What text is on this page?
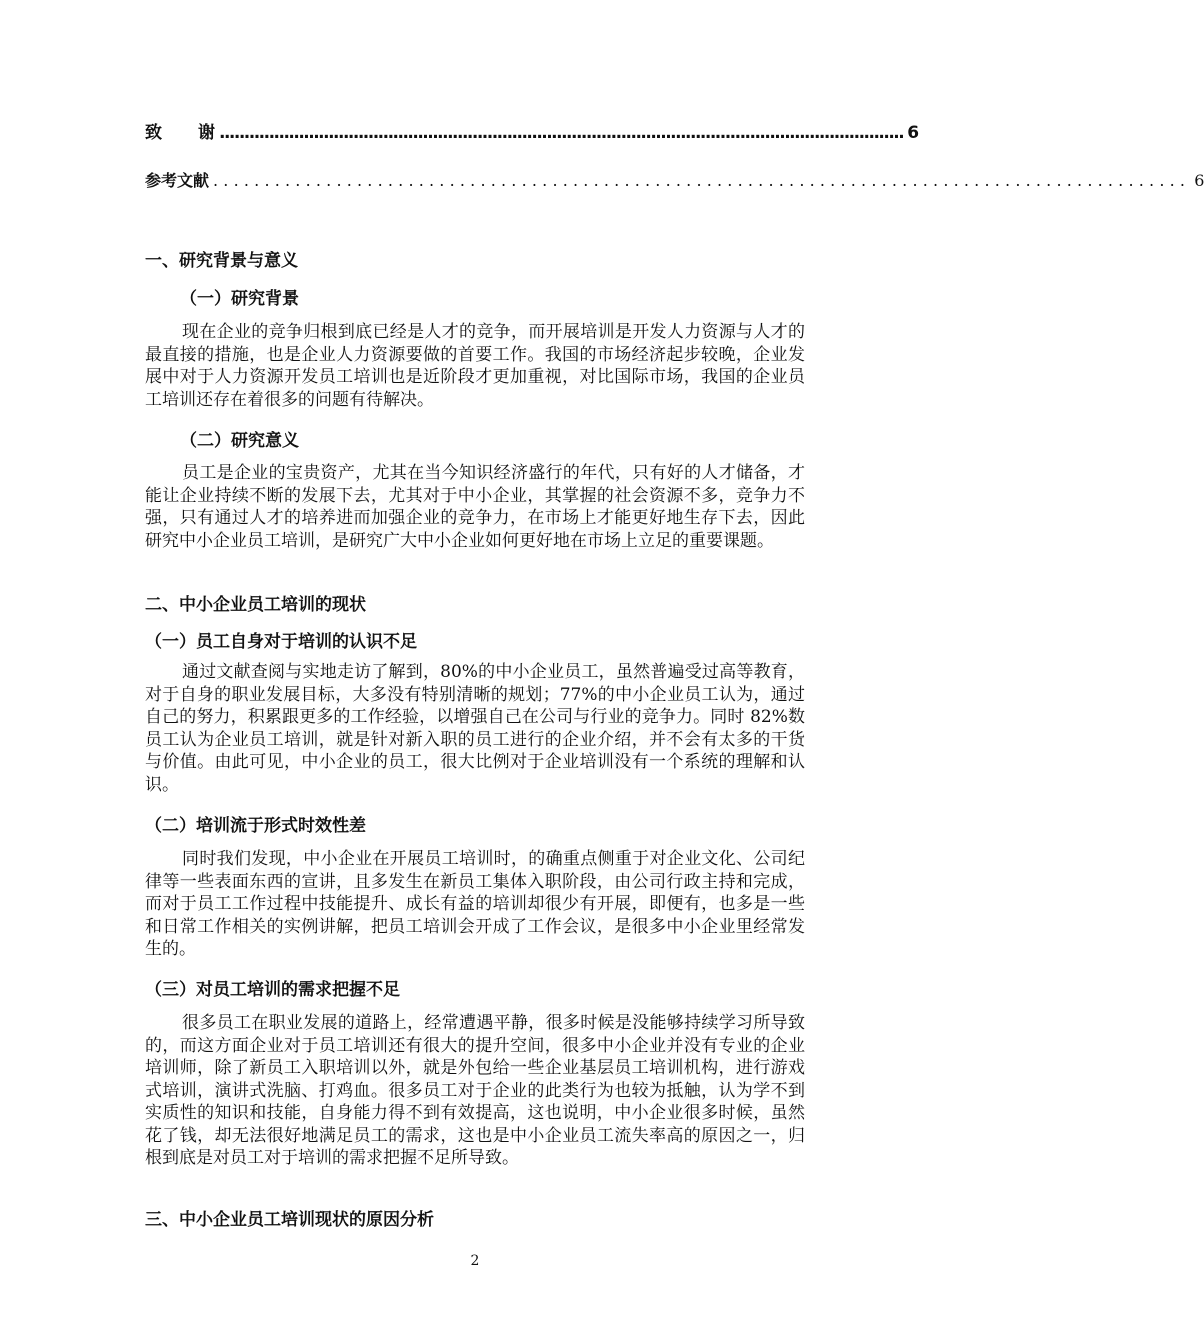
致 谢 .......................................................................................................................................... 6
参考文献 ............................................................................................... 6
一、研究背景与意义
（一）研究背景

现在企业的竞争归根到底已经是人才的竞争，而开展培训是开发人力资源与人才的最直接的措施，也是企业人力资源要做的首要工作。我国的市场经济起步较晚，企业发展中对于人力资源开发员工培训也是近阶段才更加重视，对比国际市场，我国的企业员工培训还存在着很多的问题有待解决。

（二）研究意义

员工是企业的宝贵资产，尤其在当今知识经济盛行的年代，只有好的人才储备，才能让企业持续不断的发展下去，尤其对于中小企业，其掌握的社会资源不多，竞争力不强，只有通过人才的培养进而加强企业的竞争力，在市场上才能更好地生存下去，因此研究中小企业员工培训，是研究广大中小企业如何更好地在市场上立足的重要课题。

二、中小企业员工培训的现状
（一）员工自身对于培训的认识不足

通过文献查阅与实地走访了解到，80%的中小企业员工，虽然普遍受过高等教育，对于自身的职业发展目标，大多没有特别清晰的规划；77%的中小企业员工认为，通过自己的努力，积累跟更多的工作经验，以增强自己在公司与行业的竞争力。同时 82%数员工认为企业员工培训，就是针对新入职的员工进行的企业介绍，并不会有太多的干货与价值。由此可见，中小企业的员工，很大比例对于企业培训没有一个系统的理解和认识。

（二）培训流于形式时效性差

同时我们发现，中小企业在开展员工培训时，的确重点侧重于对企业文化、公司纪律等一些表面东西的宣讲，且多发生在新员工集体入职阶段，由公司行政主持和完成，而对于员工工作过程中技能提升、成长有益的培训却很少有开展，即便有，也多是一些和日常工作相关的实例讲解，把员工培训会开成了工作会议，是很多中小企业里经常发生的。

（三）对员工培训的需求把握不足

很多员工在职业发展的道路上，经常遭遇平静，很多时候是没能够持续学习所导致的，而这方面企业对于员工培训还有很大的提升空间，很多中小企业并没有专业的企业培训师，除了新员工入职培训以外，就是外包给一些企业基层员工培训机构，进行游戏式培训，演讲式洗脑、打鸡血。很多员工对于企业的此类行为也较为抵触，认为学不到实质性的知识和技能，自身能力得不到有效提高，这也说明，中小企业很多时候，虽然花了钱，却无法很好地满足员工的需求，这也是中小企业员工流失率高的原因之一，归根到底是对员工对于培训的需求把握不足所导致。

三、中小企业员工培训现状的原因分析
2
